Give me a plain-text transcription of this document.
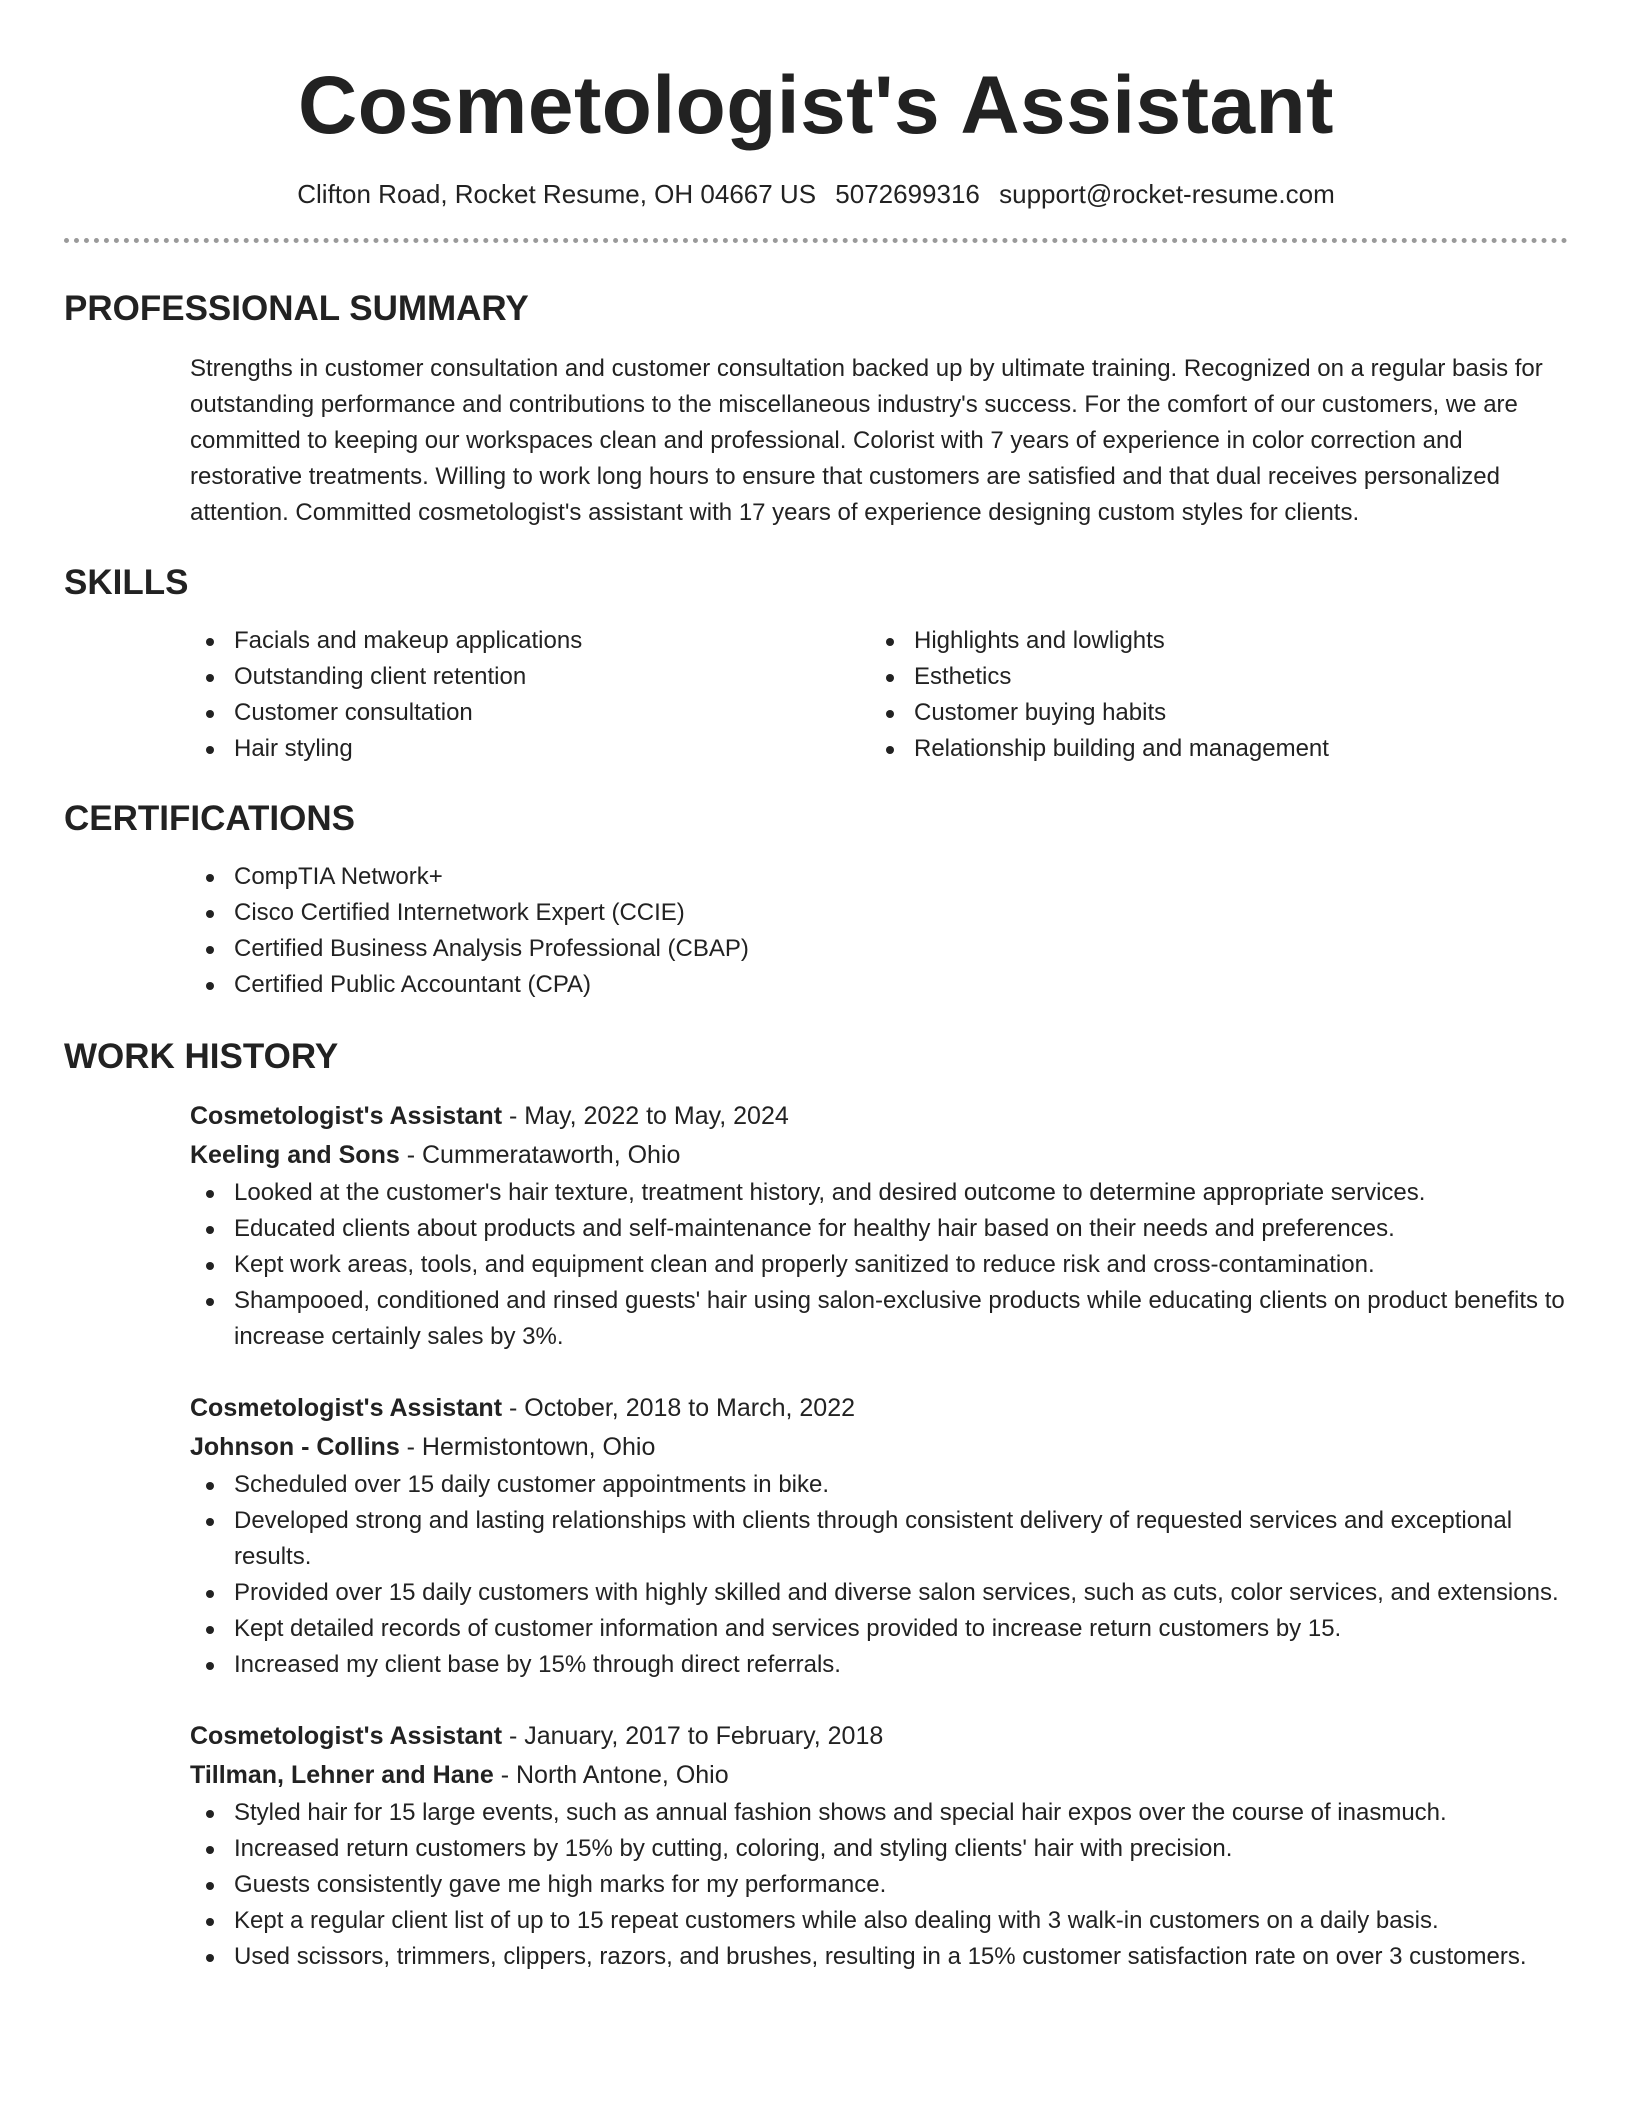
Cosmetologist's Assistant
Clifton Road, Rocket Resume, OH 04667 US 5072699316 support@rocket-resume.com
PROFESSIONAL SUMMARY
Strengths in customer consultation and customer consultation backed up by ultimate training. Recognized on a regular basis for outstanding performance and contributions to the miscellaneous industry's success. For the comfort of our customers, we are committed to keeping our workspaces clean and professional. Colorist with 7 years of experience in color correction and restorative treatments. Willing to work long hours to ensure that customers are satisfied and that dual receives personalized attention. Committed cosmetologist's assistant with 17 years of experience designing custom styles for clients.
SKILLS
Facials and makeup applications
Outstanding client retention
Customer consultation
Hair styling
Highlights and lowlights
Esthetics
Customer buying habits
Relationship building and management
CERTIFICATIONS
CompTIA Network+
Cisco Certified Internetwork Expert (CCIE)
Certified Business Analysis Professional (CBAP)
Certified Public Accountant (CPA)
WORK HISTORY
Cosmetologist's Assistant - May, 2022 to May, 2024
Keeling and Sons - Cummerataworth, Ohio
Looked at the customer's hair texture, treatment history, and desired outcome to determine appropriate services.
Educated clients about products and self-maintenance for healthy hair based on their needs and preferences.
Kept work areas, tools, and equipment clean and properly sanitized to reduce risk and cross-contamination.
Shampooed, conditioned and rinsed guests' hair using salon-exclusive products while educating clients on product benefits to increase certainly sales by 3%.
Cosmetologist's Assistant - October, 2018 to March, 2022
Johnson - Collins - Hermistontown, Ohio
Scheduled over 15 daily customer appointments in bike.
Developed strong and lasting relationships with clients through consistent delivery of requested services and exceptional results.
Provided over 15 daily customers with highly skilled and diverse salon services, such as cuts, color services, and extensions.
Kept detailed records of customer information and services provided to increase return customers by 15.
Increased my client base by 15% through direct referrals.
Cosmetologist's Assistant - January, 2017 to February, 2018
Tillman, Lehner and Hane - North Antone, Ohio
Styled hair for 15 large events, such as annual fashion shows and special hair expos over the course of inasmuch.
Increased return customers by 15% by cutting, coloring, and styling clients' hair with precision.
Guests consistently gave me high marks for my performance.
Kept a regular client list of up to 15 repeat customers while also dealing with 3 walk-in customers on a daily basis.
Used scissors, trimmers, clippers, razors, and brushes, resulting in a 15% customer satisfaction rate on over 3 customers.
